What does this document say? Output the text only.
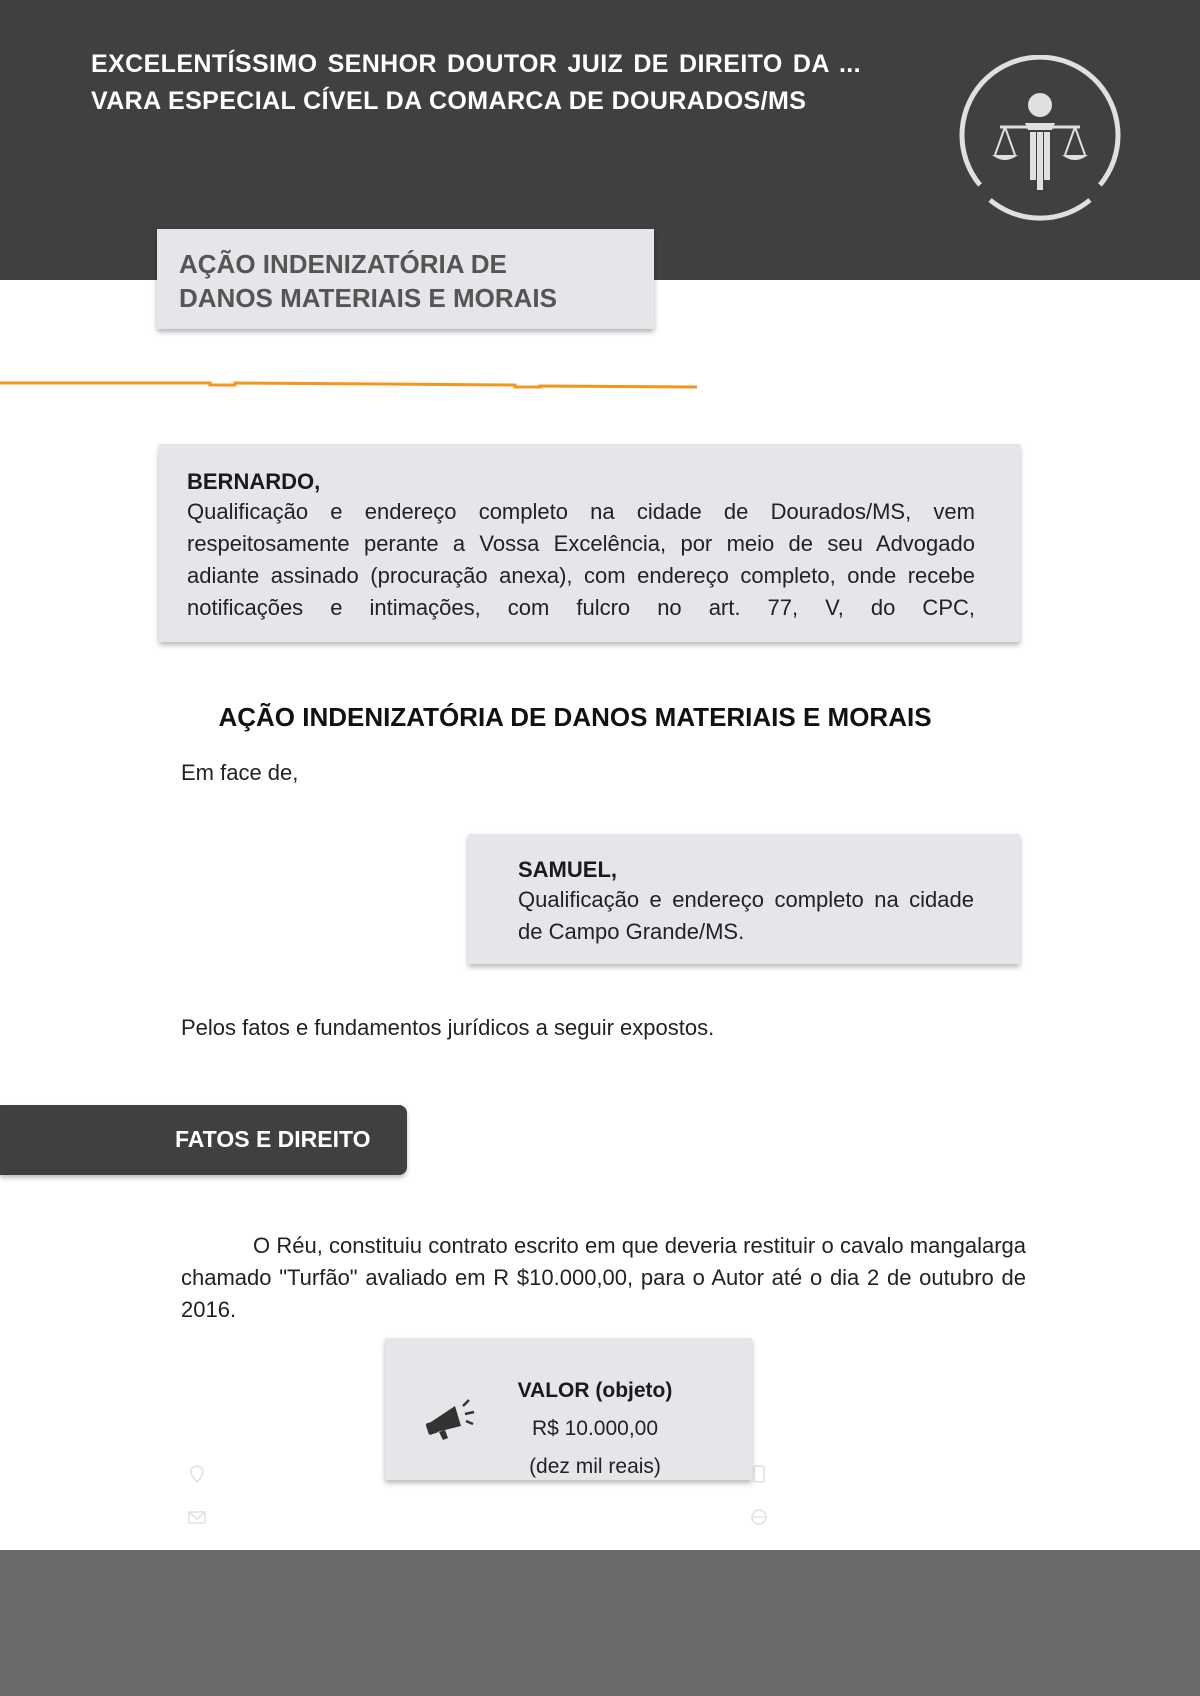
EXCELENTÍSSIMO SENHOR DOUTOR JUIZ DE DIREITO DA ... VARA ESPECIAL CÍVEL DA COMARCA DE DOURADOS/MS
AÇÃO INDENIZATÓRIA DE
DANOS MATERIAIS E MORAIS
BERNARDO,
Qualificação e endereço completo na cidade de Dourados/MS, vem respeitosamente perante a Vossa Excelência, por meio de seu Advogado adiante assinado (procuração anexa), com endereço completo, onde recebe notificações e intimações, com fulcro no art. 77, V, do CPC,
AÇÃO INDENIZATÓRIA DE DANOS MATERIAIS E MORAIS
Em face de,
SAMUEL,
Qualificação e endereço completo na cidade de Campo Grande/MS.
Pelos fatos e fundamentos jurídicos a seguir expostos.
FATOS E DIREITO
O Réu, constituiu contrato escrito em que deveria restituir o cavalo mangalarga chamado "Turfão" avaliado em R $10.000,00, para o Autor até o dia 2 de outubro de 2016.
VALOR (objeto)
R$ 10.000,00
(dez mil reais)
